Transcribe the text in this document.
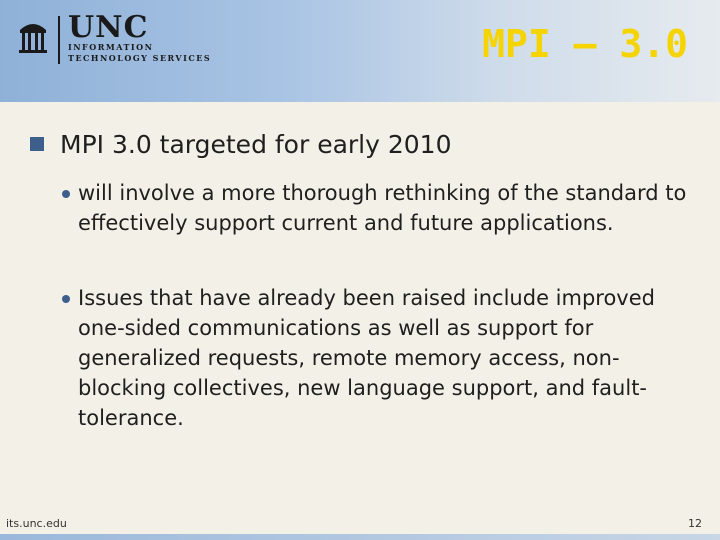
UNC
INFORMATION
TECHNOLOGY SERVICES	MPI – 3.0
MPI 3.0 targeted for early 2010
will involve a more thorough rethinking of the standard to effectively support current and future applications.
Issues that have already been raised include improved one-sided communications as well as support for generalized requests, remote memory access, non-blocking collectives, new language support, and fault-tolerance.
its.unc.edu	12
